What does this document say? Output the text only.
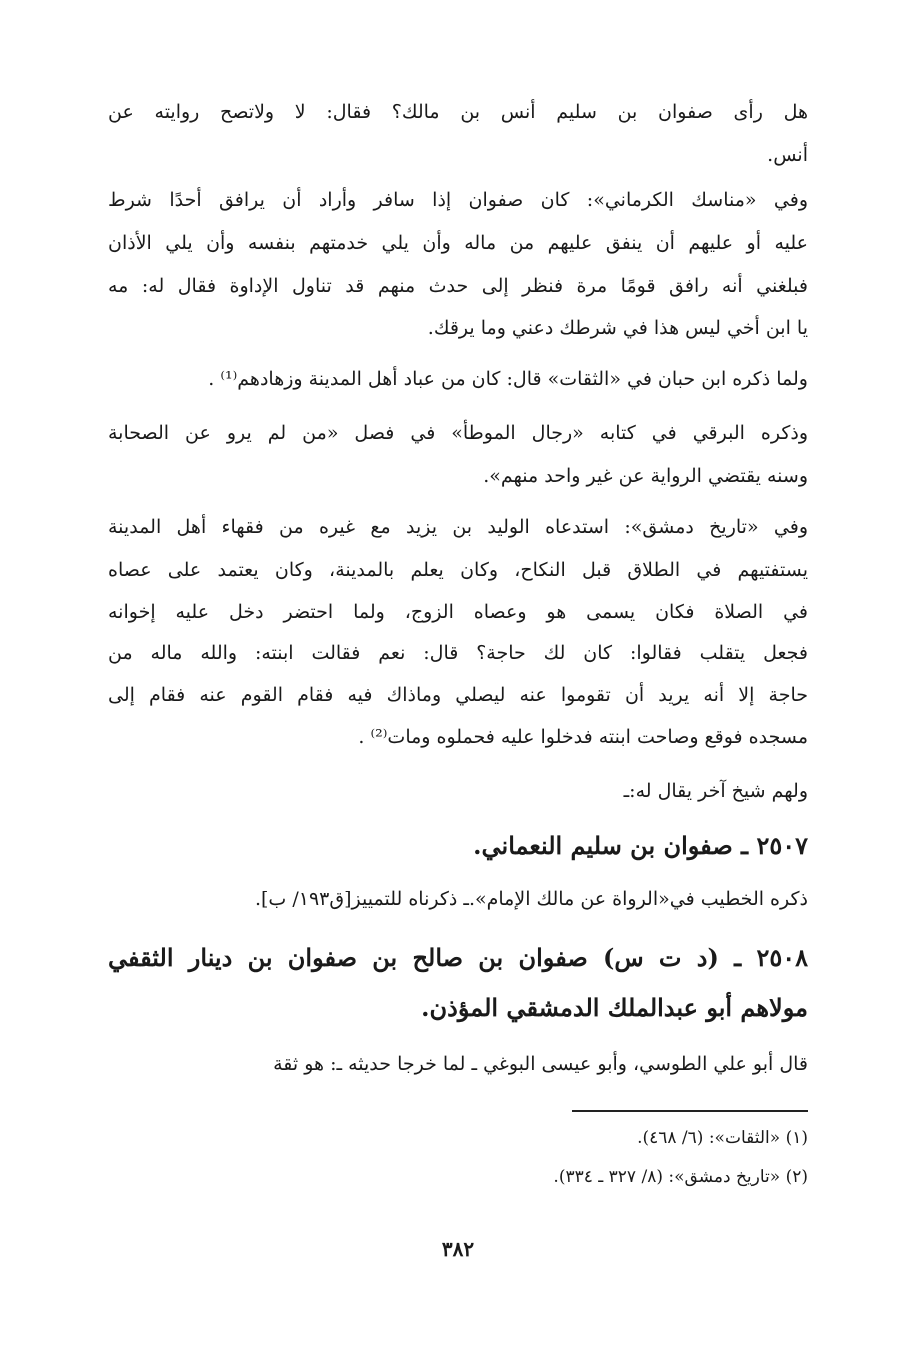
هل رأى صفوان بن سليم أنس بن مالك؟ فقال: لا ولاتصح روايته عن
أنس.
وفي «مناسك الكرماني»: كان صفوان إذا سافر وأراد أن يرافق أحدًا شرط
عليه أو عليهم أن ينفق عليهم من ماله وأن يلي خدمتهم بنفسه وأن يلي الأذان
فبلغني أنه رافق قومًا مرة فنظر إلى حدث منهم قد تناول الإداوة فقال له: مه
يا ابن أخي ليس هذا في شرطك دعني وما يرقك.
ولما ذكره ابن حبان في «الثقات» قال: كان من عباد أهل المدينة وزهادهم⁽¹⁾ .
وذكره البرقي في كتابه «رجال الموطأ» في فصل «من لم يرو عن الصحابة
وسنه يقتضي الرواية عن غير واحد منهم».
وفي «تاريخ دمشق»: استدعاه الوليد بن يزيد مع غيره من فقهاء أهل المدينة
يستفتيهم في الطلاق قبل النكاح، وكان يعلم بالمدينة، وكان يعتمد على عصاه
في الصلاة فكان يسمى هو وعصاه الزوج، ولما احتضر دخل عليه إخوانه
فجعل يتقلب فقالوا: كان لك حاجة؟ قال: نعم فقالت ابنته: والله ماله من
حاجة إلا أنه يريد أن تقوموا عنه ليصلي وماذاك فيه فقام القوم عنه فقام إلى
مسجده فوقع وصاحت ابنته فدخلوا عليه فحملوه ومات⁽²⁾ .
ولهم شيخ آخر يقال له:ـ
٢٥٠٧ ـ صفوان بن سليم النعماني.
ذكره الخطيب في«الرواة عن مالك الإمام».ـ ذكرناه للتمييز[ق١٩٣/ ب].
٢٥٠٨ ـ (د ت س) صفوان بن صالح بن صفوان بن دينار الثقفي
مولاهم أبو عبدالملك الدمشقي المؤذن.
قال أبو علي الطوسي، وأبو عيسى البوغي ـ لما خرجا حديثه ـ: هو ثقة
(١) «الثقات»: (٦/ ٤٦٨).
(٢) «تاريخ دمشق»: (٨/ ٣٢٧ ـ ٣٣٤).
٣٨٢
